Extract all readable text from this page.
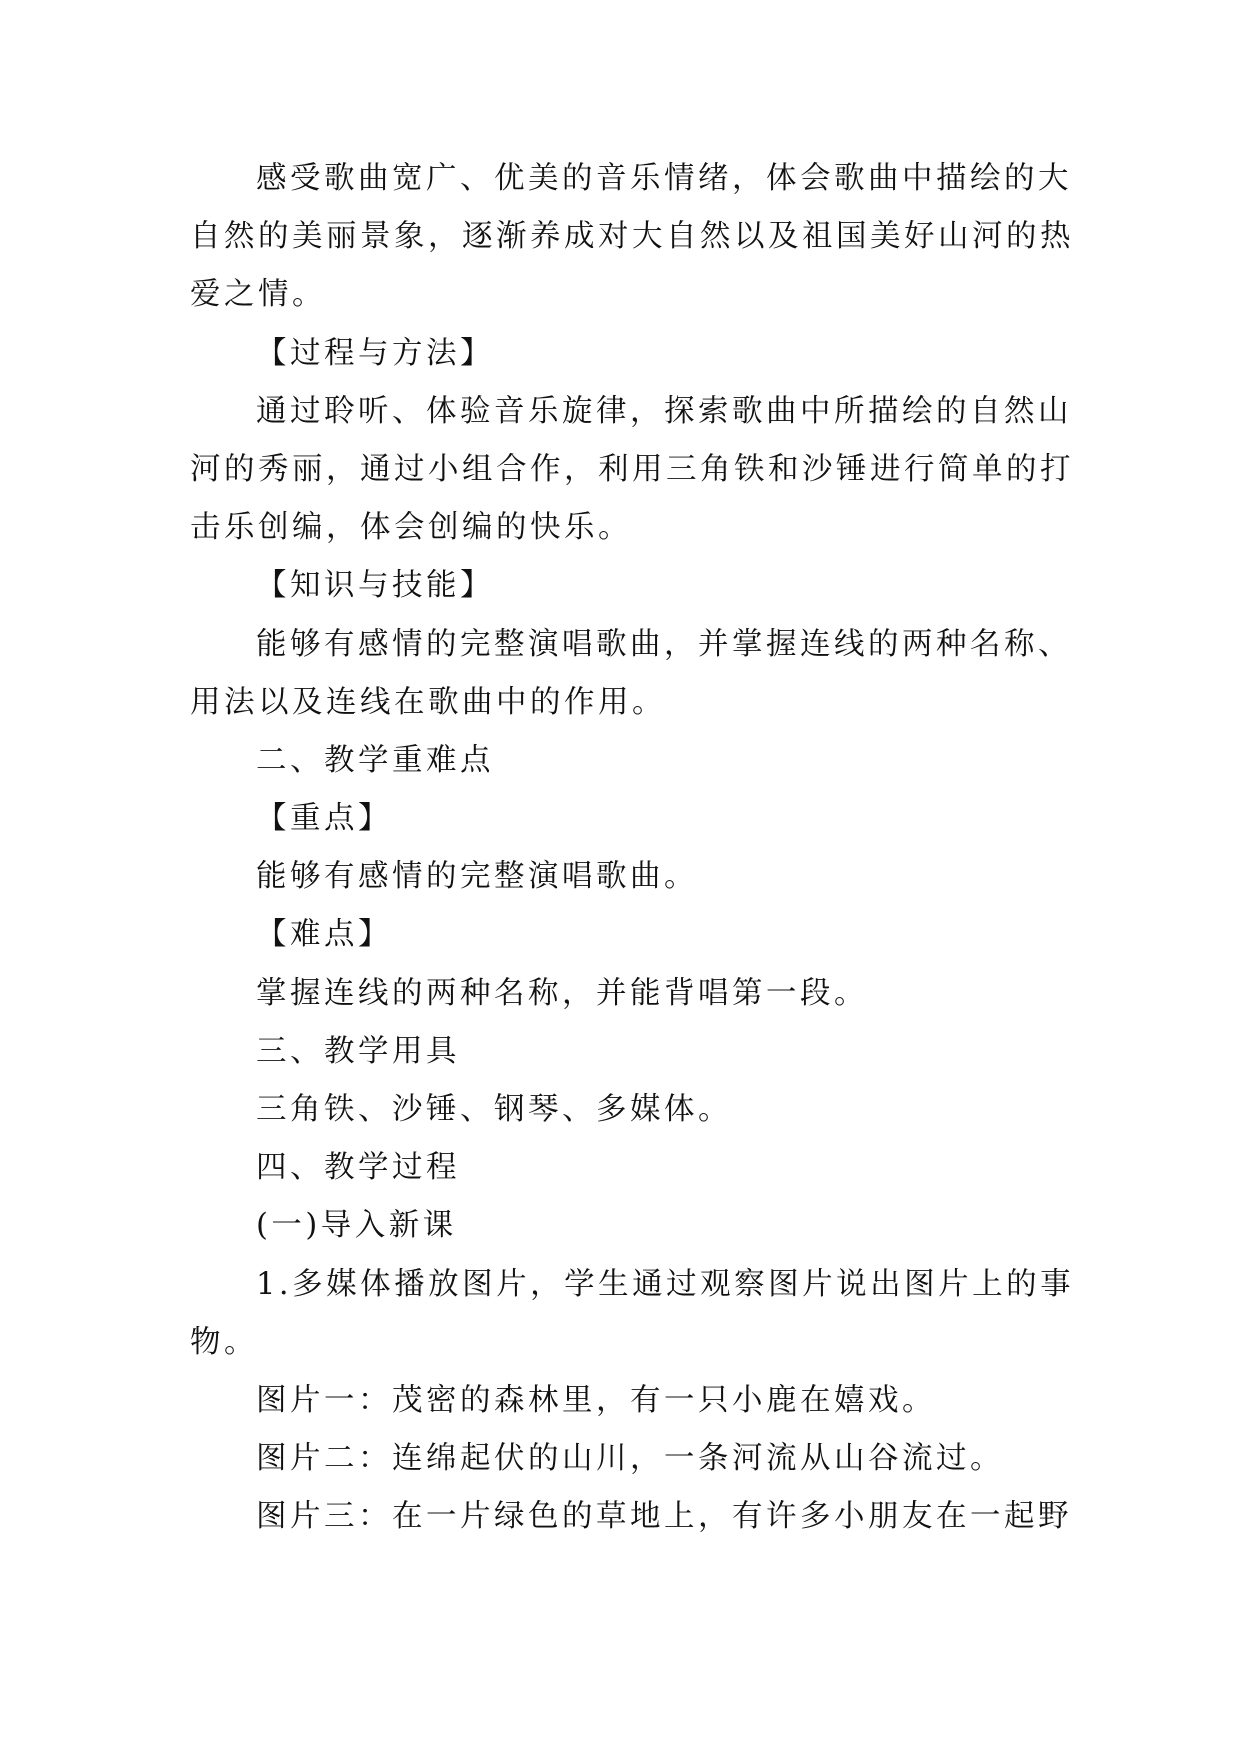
感受歌曲宽广、优美的音乐情绪，体会歌曲中描绘的大
自然的美丽景象，逐渐养成对大自然以及祖国美好山河的热
爱之情。
【过程与方法】
通过聆听、体验音乐旋律，探索歌曲中所描绘的自然山
河的秀丽，通过小组合作，利用三角铁和沙锤进行简单的打
击乐创编，体会创编的快乐。
【知识与技能】
能够有感情的完整演唱歌曲，并掌握连线的两种名称、
用法以及连线在歌曲中的作用。
二、教学重难点
【重点】
能够有感情的完整演唱歌曲。
【难点】
掌握连线的两种名称，并能背唱第一段。
三、教学用具
三角铁、沙锤、钢琴、多媒体。
四、教学过程
(一)导入新课
1.多媒体播放图片，学生通过观察图片说出图片上的事
物。
图片一：茂密的森林里，有一只小鹿在嬉戏。
图片二：连绵起伏的山川，一条河流从山谷流过。
图片三：在一片绿色的草地上，有许多小朋友在一起野
